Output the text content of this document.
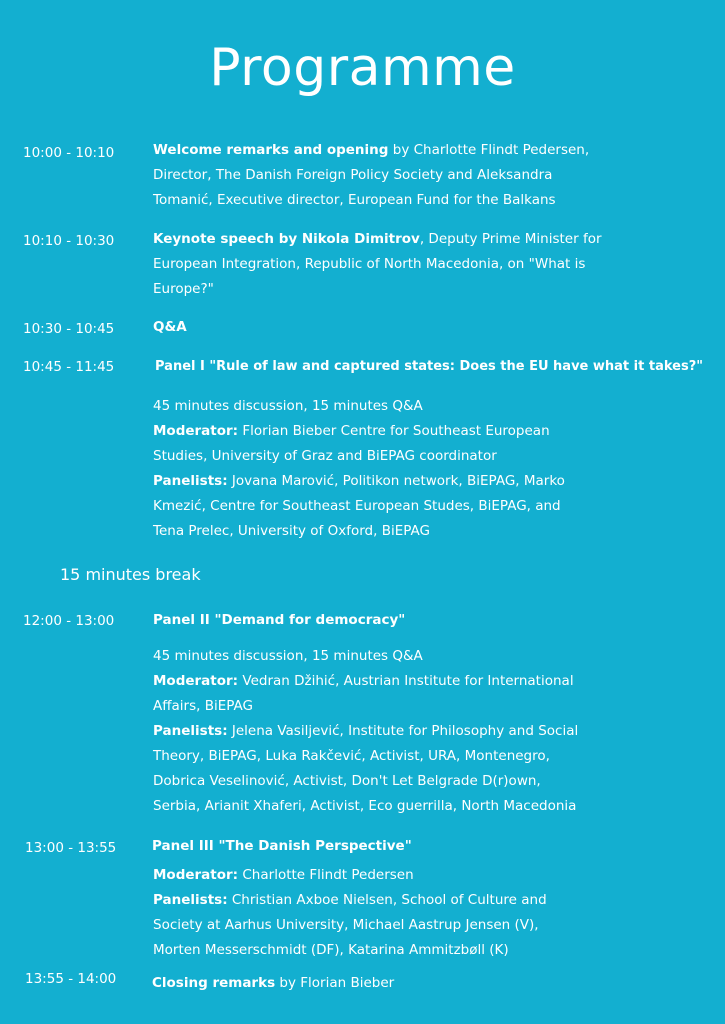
Programme
10:00 - 10:10	Welcome remarks and opening by Charlotte Flindt Pedersen,
Director, The Danish Foreign Policy Society and Aleksandra
Tomanić, Executive director, European Fund for the Balkans
10:10 - 10:30	Keynote speech by Nikola Dimitrov, Deputy Prime Minister for
European Integration, Republic of North Macedonia, on "What is
Europe?"
10:30 - 10:45	Q&A
10:45 - 11:45	Panel I "Rule of law and captured states: Does the EU have what it takes?"
45 minutes discussion, 15 minutes Q&A
Moderator: Florian Bieber Centre for Southeast European
Studies, University of Graz and BiEPAG coordinator
Panelists: Jovana Marović, Politikon network, BiEPAG, Marko
Kmezić, Centre for Southeast European Studes, BiEPAG, and
Tena Prelec, University of Oxford, BiEPAG
15 minutes break
12:00 - 13:00	Panel II "Demand for democracy"
45 minutes discussion, 15 minutes Q&A
Moderator: Vedran Džihić, Austrian Institute for International
Affairs, BiEPAG
Panelists: Jelena Vasiljević, Institute for Philosophy and Social
Theory, BiEPAG, Luka Rakčević, Activist, URA, Montenegro,
Dobrica Veselinović, Activist, Don't Let Belgrade D(r)own,
Serbia, Arianit Xhaferi, Activist, Eco guerrilla, North Macedonia
13:00 - 13:55	Panel III "The Danish Perspective"
Moderator: Charlotte Flindt Pedersen
Panelists: Christian Axboe Nielsen, School of Culture and
Society at Aarhus University, Michael Aastrup Jensen (V),
Morten Messerschmidt (DF), Katarina Ammitzbøll (K)
13:55 - 14:00	Closing remarks by Florian Bieber
